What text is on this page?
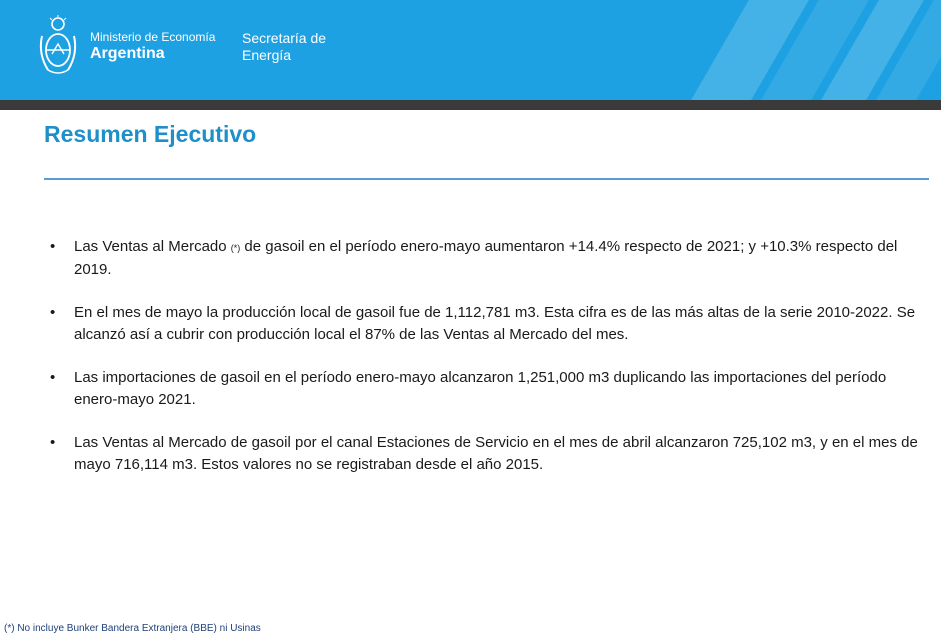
Ministerio de Economía
Argentina
Secretaría de
Energía
Resumen Ejecutivo
• Las Ventas al Mercado (*) de gasoil en el período enero-mayo aumentaron +14.4% respecto de 2021; y +10.3% respecto del 2019.
• En el mes de mayo la producción local de gasoil fue de 1,112,781 m3. Esta cifra es de las más altas de la serie 2010-2022. Se alcanzó así a cubrir con producción local el 87% de las Ventas al Mercado del mes.
• Las importaciones de gasoil en el período enero-mayo alcanzaron 1,251,000 m3 duplicando las importaciones del período enero-mayo 2021.
• Las Ventas al Mercado de gasoil por el canal Estaciones de Servicio en el mes de abril alcanzaron 725,102 m3, y en el mes de mayo 716,114 m3. Estos valores no se registraban desde el año 2015.
(*) No incluye Bunker Bandera Extranjera (BBE) ni Usinas
